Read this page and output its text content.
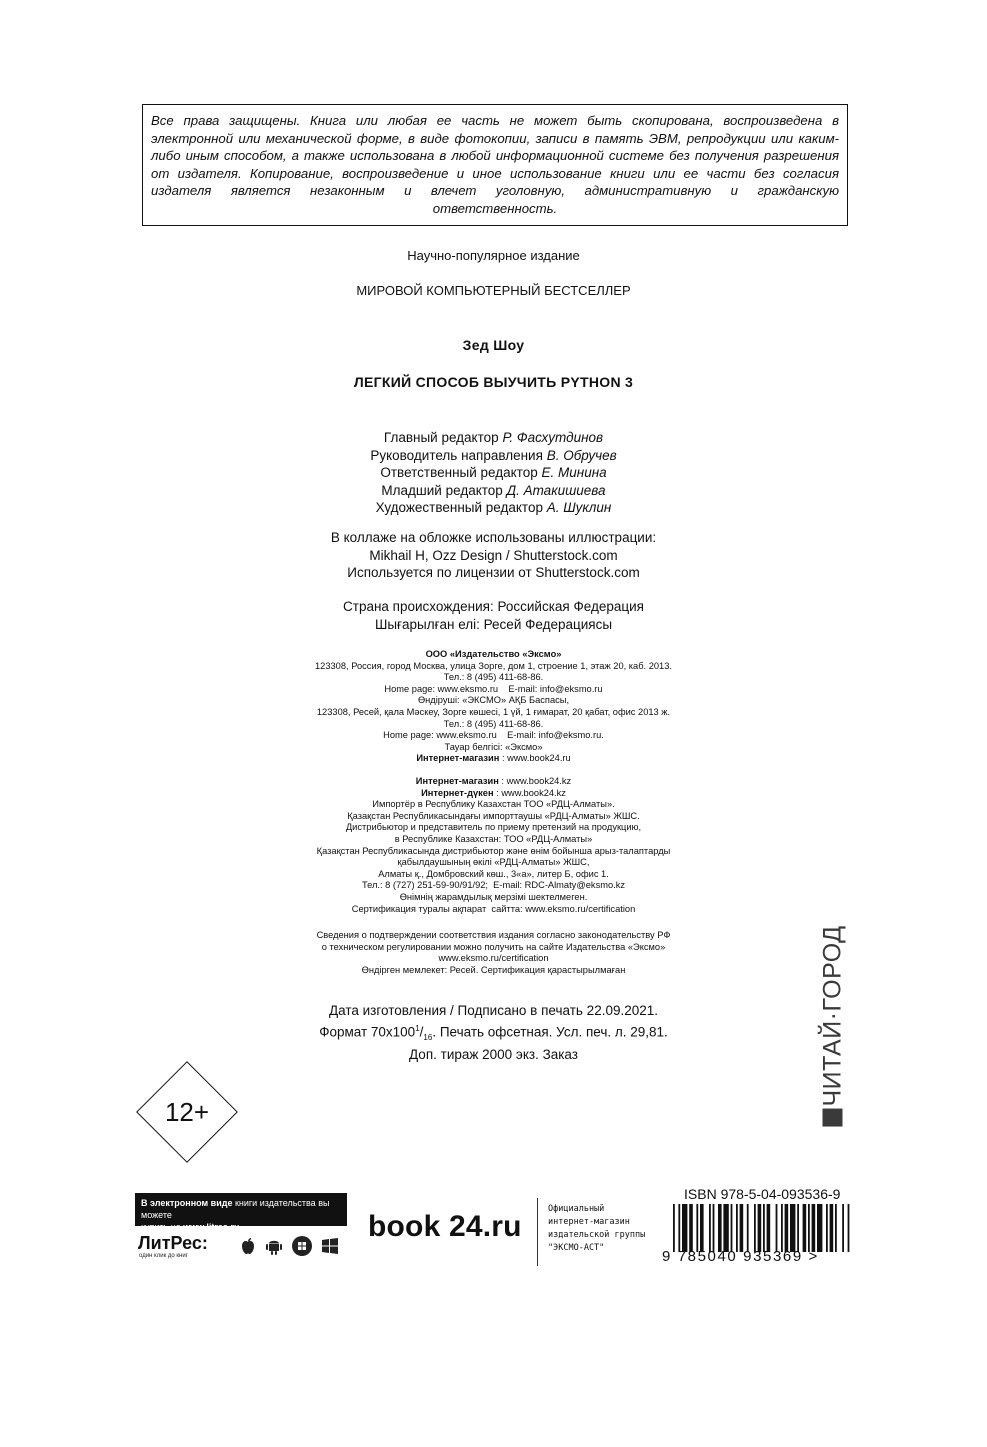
Все права защищены. Книга или любая ее часть не может быть скопирована, воспроизведена в электронной или механической форме, в виде фотокопии, записи в память ЭВМ, репродукции или каким-либо иным способом, а также использована в любой информационной системе без получения разрешения от издателя. Копирование, воспроизведение и иное использование книги или ее части без согласия издателя является незаконным и влечет уголовную, административную и гражданскую ответственность.
Научно-популярное издание
МИРОВОЙ КОМПЬЮТЕРНЫЙ БЕСТСЕЛЛЕР
Зед Шоу
ЛЕГКИЙ СПОСОБ ВЫУЧИТЬ PYTHON 3
Главный редактор Р. Фасхутдинов
Руководитель направления В. Обручев
Ответственный редактор Е. Минина
Младший редактор Д. Атакишиева
Художественный редактор А. Шуклин
В коллаже на обложке использованы иллюстрации:
Mikhail H, Ozz Design / Shutterstock.com
Используется по лицензии от Shutterstock.com
Страна происхождения: Российская Федерация
Шығарылған елі: Ресей Федерациясы
ООО «Издательство «Эксмо»
123308, Россия, город Москва, улица Зорге, дом 1, строение 1, этаж 20, каб. 2013.
Тел.: 8 (495) 411-68-86.
Home page: www.eksmo.ru    E-mail: info@eksmo.ru
Өндіруші: «ЭКСМО» АҚБ Баспасы,
123308, Ресей, қала Мәскеу, Зорге көшесі, 1 үй, 1 ғимарат, 20 қабат, офис 2013 ж.
Тел.: 8 (495) 411-68-86.
Home page: www.eksmo.ru    E-mail: info@eksmo.ru.
Тауар белгісі: «Эксмо»
Интернет-магазин : www.book24.ru
Интернет-магазин : www.book24.kz
Интернет-дүкен : www.book24.kz
Импортёр в Республику Казахстан ТОО «РДЦ-Алматы».
Қазақстан Республикасындағы импорттаушы «РДЦ-Алматы» ЖШС.
Дистрибьютор и представитель по приему претензий на продукцию,
в Республике Казахстан: ТОО «РДЦ-Алматы»
Қазақстан Республикасында дистрибьютор және өнім бойынша арыз-талаптарды
қабылдаушының өкілі «РДЦ-Алматы» ЖШС,
Алматы қ., Домбровский көш., 3«а», литер Б, офис 1.
Тел.: 8 (727) 251-59-90/91/92;  E-mail: RDC-Almaty@eksmo.kz
Өнімнің жарамдылық мерзімі шектелмеген.
Сертификация туралы ақпарат  сайтта: www.eksmo.ru/certification
Сведения о подтверждении соответствия издания согласно законодательству РФ
о техническом регулировании можно получить на сайте Издательства «Эксмо»
www.eksmo.ru/certification
Өндірген мемлекет: Ресей. Сертификация қарастырылмаған
Дата изготовления / Подписано в печать 22.09.2021.
Формат $70x100^1/_{16}$. Печать офсетная. Усл. печ. л. 29,81.
Доп. тираж 2000 экз. Заказ
12+
ЧИТАЙ·ГОРОД
В электронном виде книги издательства вы можете
купить на www.litres.ru
ЛитРес:
один клик до книг
book 24.ru
Официальный
интернет-магазин
издательской группы
"ЭКСМО-АСТ"
ISBN 978-5-04-093536-9
9 785040 935369 >
